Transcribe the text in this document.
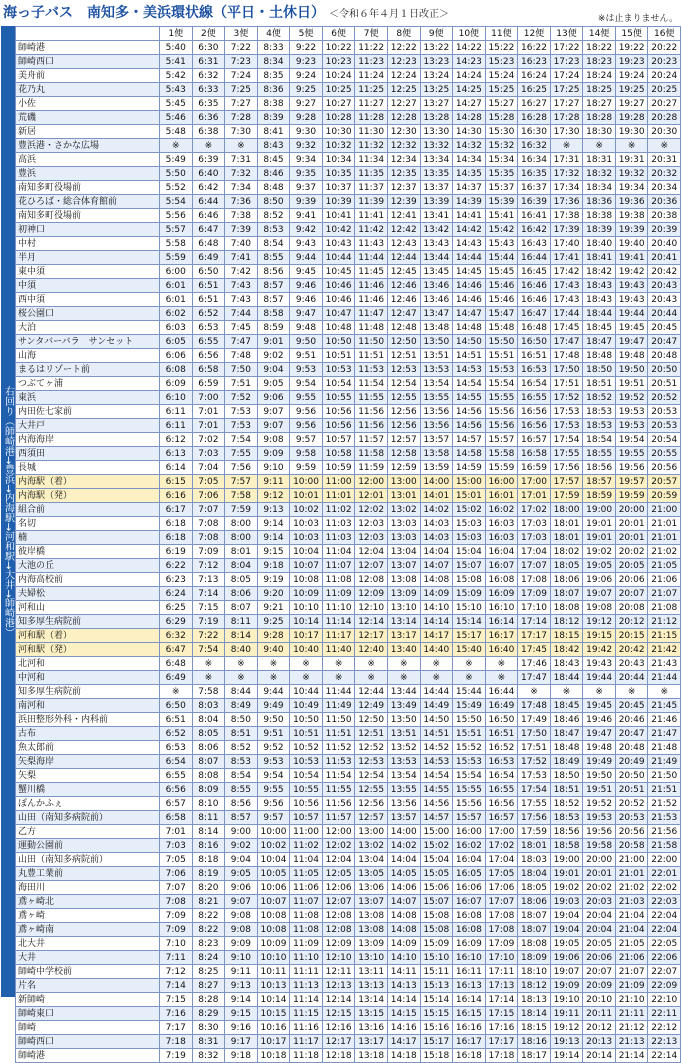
海っ子バス　南知多・美浜環状線（平日・土休日） ＜令和６年４月１日改正＞	※は止まりません。
右回り（師崎港→豊浜→内海駅→河和駅→大井→師崎港）
	1便	2便	3便	4便	5便	6便	7便	8便	9便	10便	11便	12便	13便	14便	15便	16便
師崎港	5:40	6:30	7:22	8:33	9:22	10:22	11:22	12:22	13:22	14:22	15:22	16:22	17:22	18:22	19:22	20:22
師崎西口	5:41	6:31	7:23	8:34	9:23	10:23	11:23	12:23	13:23	14:23	15:23	16:23	17:23	18:23	19:23	20:23
美舟前	5:42	6:32	7:24	8:35	9:24	10:24	11:24	12:24	13:24	14:24	15:24	16:24	17:24	18:24	19:24	20:24
花乃丸	5:43	6:33	7:25	8:36	9:25	10:25	11:25	12:25	13:25	14:25	15:25	16:25	17:25	18:25	19:25	20:25
小佐	5:45	6:35	7:27	8:38	9:27	10:27	11:27	12:27	13:27	14:27	15:27	16:27	17:27	18:27	19:27	20:27
荒磯	5:46	6:36	7:28	8:39	9:28	10:28	11:28	12:28	13:28	14:28	15:28	16:28	17:28	18:28	19:28	20:28
新居	5:48	6:38	7:30	8:41	9:30	10:30	11:30	12:30	13:30	14:30	15:30	16:30	17:30	18:30	19:30	20:30
豊浜港・さかな広場	※	※	※	8:43	9:32	10:32	11:32	12:32	13:32	14:32	15:32	16:32	※	※	※	※
高浜	5:49	6:39	7:31	8:45	9:34	10:34	11:34	12:34	13:34	14:34	15:34	16:34	17:31	18:31	19:31	20:31
豊浜	5:50	6:40	7:32	8:46	9:35	10:35	11:35	12:35	13:35	14:35	15:35	16:35	17:32	18:32	19:32	20:32
南知多町役場前	5:52	6:42	7:34	8:48	9:37	10:37	11:37	12:37	13:37	14:37	15:37	16:37	17:34	18:34	19:34	20:34
花ひろば・総合体育館前	5:54	6:44	7:36	8:50	9:39	10:39	11:39	12:39	13:39	14:39	15:39	16:39	17:36	18:36	19:36	20:36
南知多町役場前	5:56	6:46	7:38	8:52	9:41	10:41	11:41	12:41	13:41	14:41	15:41	16:41	17:38	18:38	19:38	20:38
初神口	5:57	6:47	7:39	8:53	9:42	10:42	11:42	12:42	13:42	14:42	15:42	16:42	17:39	18:39	19:39	20:39
中村	5:58	6:48	7:40	8:54	9:43	10:43	11:43	12:43	13:43	14:43	15:43	16:43	17:40	18:40	19:40	20:40
半月	5:59	6:49	7:41	8:55	9:44	10:44	11:44	12:44	13:44	14:44	15:44	16:44	17:41	18:41	19:41	20:41
東中須	6:00	6:50	7:42	8:56	9:45	10:45	11:45	12:45	13:45	14:45	15:45	16:45	17:42	18:42	19:42	20:42
中須	6:01	6:51	7:43	8:57	9:46	10:46	11:46	12:46	13:46	14:46	15:46	16:46	17:43	18:43	19:43	20:43
西中須	6:01	6:51	7:43	8:57	9:46	10:46	11:46	12:46	13:46	14:46	15:46	16:46	17:43	18:43	19:43	20:43
桜公園口	6:02	6:52	7:44	8:58	9:47	10:47	11:47	12:47	13:47	14:47	15:47	16:47	17:44	18:44	19:44	20:44
大泊	6:03	6:53	7:45	8:59	9:48	10:48	11:48	12:48	13:48	14:48	15:48	16:48	17:45	18:45	19:45	20:45
サンタバーバラ　サンセット	6:05	6:55	7:47	9:01	9:50	10:50	11:50	12:50	13:50	14:50	15:50	16:50	17:47	18:47	19:47	20:47
山海	6:06	6:56	7:48	9:02	9:51	10:51	11:51	12:51	13:51	14:51	15:51	16:51	17:48	18:48	19:48	20:48
まるはリゾート前	6:08	6:58	7:50	9:04	9:53	10:53	11:53	12:53	13:53	14:53	15:53	16:53	17:50	18:50	19:50	20:50
つぶてヶ浦	6:09	6:59	7:51	9:05	9:54	10:54	11:54	12:54	13:54	14:54	15:54	16:54	17:51	18:51	19:51	20:51
東浜	6:10	7:00	7:52	9:06	9:55	10:55	11:55	12:55	13:55	14:55	15:55	16:55	17:52	18:52	19:52	20:52
内田佐七家前	6:11	7:01	7:53	9:07	9:56	10:56	11:56	12:56	13:56	14:56	15:56	16:56	17:53	18:53	19:53	20:53
大井戸	6:11	7:01	7:53	9:07	9:56	10:56	11:56	12:56	13:56	14:56	15:56	16:56	17:53	18:53	19:53	20:53
内海海岸	6:12	7:02	7:54	9:08	9:57	10:57	11:57	12:57	13:57	14:57	15:57	16:57	17:54	18:54	19:54	20:54
西須田	6:13	7:03	7:55	9:09	9:58	10:58	11:58	12:58	13:58	14:58	15:58	16:58	17:55	18:55	19:55	20:55
長城	6:14	7:04	7:56	9:10	9:59	10:59	11:59	12:59	13:59	14:59	15:59	16:59	17:56	18:56	19:56	20:56
内海駅（着）	6:15	7:05	7:57	9:11	10:00	11:00	12:00	13:00	14:00	15:00	16:00	17:00	17:57	18:57	19:57	20:57
内海駅（発）	6:16	7:06	7:58	9:12	10:01	11:01	12:01	13:01	14:01	15:01	16:01	17:01	17:59	18:59	19:59	20:59
組合前	6:17	7:07	7:59	9:13	10:02	11:02	12:02	13:02	14:02	15:02	16:02	17:02	18:00	19:00	20:00	21:00
名切	6:18	7:08	8:00	9:14	10:03	11:03	12:03	13:03	14:03	15:03	16:03	17:03	18:01	19:01	20:01	21:01
楠	6:18	7:08	8:00	9:14	10:03	11:03	12:03	13:03	14:03	15:03	16:03	17:03	18:01	19:01	20:01	21:01
彼岸橋	6:19	7:09	8:01	9:15	10:04	11:04	12:04	13:04	14:04	15:04	16:04	17:04	18:02	19:02	20:02	21:02
大池の丘	6:22	7:12	8:04	9:18	10:07	11:07	12:07	13:07	14:07	15:07	16:07	17:07	18:05	19:05	20:05	21:05
内海高校前	6:23	7:13	8:05	9:19	10:08	11:08	12:08	13:08	14:08	15:08	16:08	17:08	18:06	19:06	20:06	21:06
夫婦松	6:24	7:14	8:06	9:20	10:09	11:09	12:09	13:09	14:09	15:09	16:09	17:09	18:07	19:07	20:07	21:07
河和山	6:25	7:15	8:07	9:21	10:10	11:10	12:10	13:10	14:10	15:10	16:10	17:10	18:08	19:08	20:08	21:08
知多厚生病院前	6:29	7:19	8:11	9:25	10:14	11:14	12:14	13:14	14:14	15:14	16:14	17:14	18:12	19:12	20:12	21:12
河和駅（着）	6:32	7:22	8:14	9:28	10:17	11:17	12:17	13:17	14:17	15:17	16:17	17:17	18:15	19:15	20:15	21:15
河和駅（発）	6:47	7:54	8:40	9:40	10:40	11:40	12:40	13:40	14:40	15:40	16:40	17:45	18:42	19:42	20:42	21:42
北河和	6:48	※	※	※	※	※	※	※	※	※	※	17:46	18:43	19:43	20:43	21:43
中河和	6:49	※	※	※	※	※	※	※	※	※	※	17:47	18:44	19:44	20:44	21:44
知多厚生病院前	※	7:58	8:44	9:44	10:44	11:44	12:44	13:44	14:44	15:44	16:44	※	※	※	※	※
南河和	6:50	8:03	8:49	9:49	10:49	11:49	12:49	13:49	14:49	15:49	16:49	17:48	18:45	19:45	20:45	21:45
浜田整形外科・内科前	6:51	8:04	8:50	9:50	10:50	11:50	12:50	13:50	14:50	15:50	16:50	17:49	18:46	19:46	20:46	21:46
古布	6:52	8:05	8:51	9:51	10:51	11:51	12:51	13:51	14:51	15:51	16:51	17:50	18:47	19:47	20:47	21:47
魚太郎前	6:53	8:06	8:52	9:52	10:52	11:52	12:52	13:52	14:52	15:52	16:52	17:51	18:48	19:48	20:48	21:48
矢梨海岸	6:54	8:07	8:53	9:53	10:53	11:53	12:53	13:53	14:53	15:53	16:53	17:52	18:49	19:49	20:49	21:49
矢梨	6:55	8:08	8:54	9:54	10:54	11:54	12:54	13:54	14:54	15:54	16:54	17:53	18:50	19:50	20:50	21:50
蟹川橋	6:56	8:09	8:55	9:55	10:55	11:55	12:55	13:55	14:55	15:55	16:55	17:54	18:51	19:51	20:51	21:51
ぽんかふぇ	6:57	8:10	8:56	9:56	10:56	11:56	12:56	13:56	14:56	15:56	16:56	17:55	18:52	19:52	20:52	21:52
山田（南知多病院前）	6:58	8:11	8:57	9:57	10:57	11:57	12:57	13:57	14:57	15:57	16:57	17:56	18:53	19:53	20:53	21:53
乙方	7:01	8:14	9:00	10:00	11:00	12:00	13:00	14:00	15:00	16:00	17:00	17:59	18:56	19:56	20:56	21:56
運動公園前	7:03	8:16	9:02	10:02	11:02	12:02	13:02	14:02	15:02	16:02	17:02	18:01	18:58	19:58	20:58	21:58
山田（南知多病院前）	7:05	8:18	9:04	10:04	11:04	12:04	13:04	14:04	15:04	16:04	17:04	18:03	19:00	20:00	21:00	22:00
丸豊工業前	7:06	8:19	9:05	10:05	11:05	12:05	13:05	14:05	15:05	16:05	17:05	18:04	19:01	20:01	21:01	22:01
海田川	7:07	8:20	9:06	10:06	11:06	12:06	13:06	14:06	15:06	16:06	17:06	18:05	19:02	20:02	21:02	22:02
鳶ヶ崎北	7:08	8:21	9:07	10:07	11:07	12:07	13:07	14:07	15:07	16:07	17:07	18:06	19:03	20:03	21:03	22:03
鳶ヶ崎	7:09	8:22	9:08	10:08	11:08	12:08	13:08	14:08	15:08	16:08	17:08	18:07	19:04	20:04	21:04	22:04
鳶ヶ崎南	7:09	8:22	9:08	10:08	11:08	12:08	13:08	14:08	15:08	16:08	17:08	18:07	19:04	20:04	21:04	22:04
北大井	7:10	8:23	9:09	10:09	11:09	12:09	13:09	14:09	15:09	16:09	17:09	18:08	19:05	20:05	21:05	22:05
大井	7:11	8:24	9:10	10:10	11:10	12:10	13:10	14:10	15:10	16:10	17:10	18:09	19:06	20:06	21:06	22:06
師崎中学校前	7:12	8:25	9:11	10:11	11:11	12:11	13:11	14:11	15:11	16:11	17:11	18:10	19:07	20:07	21:07	22:07
片名	7:14	8:27	9:13	10:13	11:13	12:13	13:13	14:13	15:13	16:13	17:13	18:12	19:09	20:09	21:09	22:09
新師崎	7:15	8:28	9:14	10:14	11:14	12:14	13:14	14:14	15:14	16:14	17:14	18:13	19:10	20:10	21:10	22:10
師崎東口	7:16	8:29	9:15	10:15	11:15	12:15	13:15	14:15	15:15	16:15	17:15	18:14	19:11	20:11	21:11	22:11
師崎	7:17	8:30	9:16	10:16	11:16	12:16	13:16	14:16	15:16	16:16	17:16	18:15	19:12	20:12	21:12	22:12
師崎西口	7:18	8:31	9:17	10:17	11:17	12:17	13:17	14:17	15:17	16:17	17:17	18:16	19:13	20:13	21:13	22:13
師崎港	7:19	8:32	9:18	10:18	11:18	12:18	13:18	14:18	15:18	16:18	17:18	18:17	19:14	20:14	21:14	22:14
